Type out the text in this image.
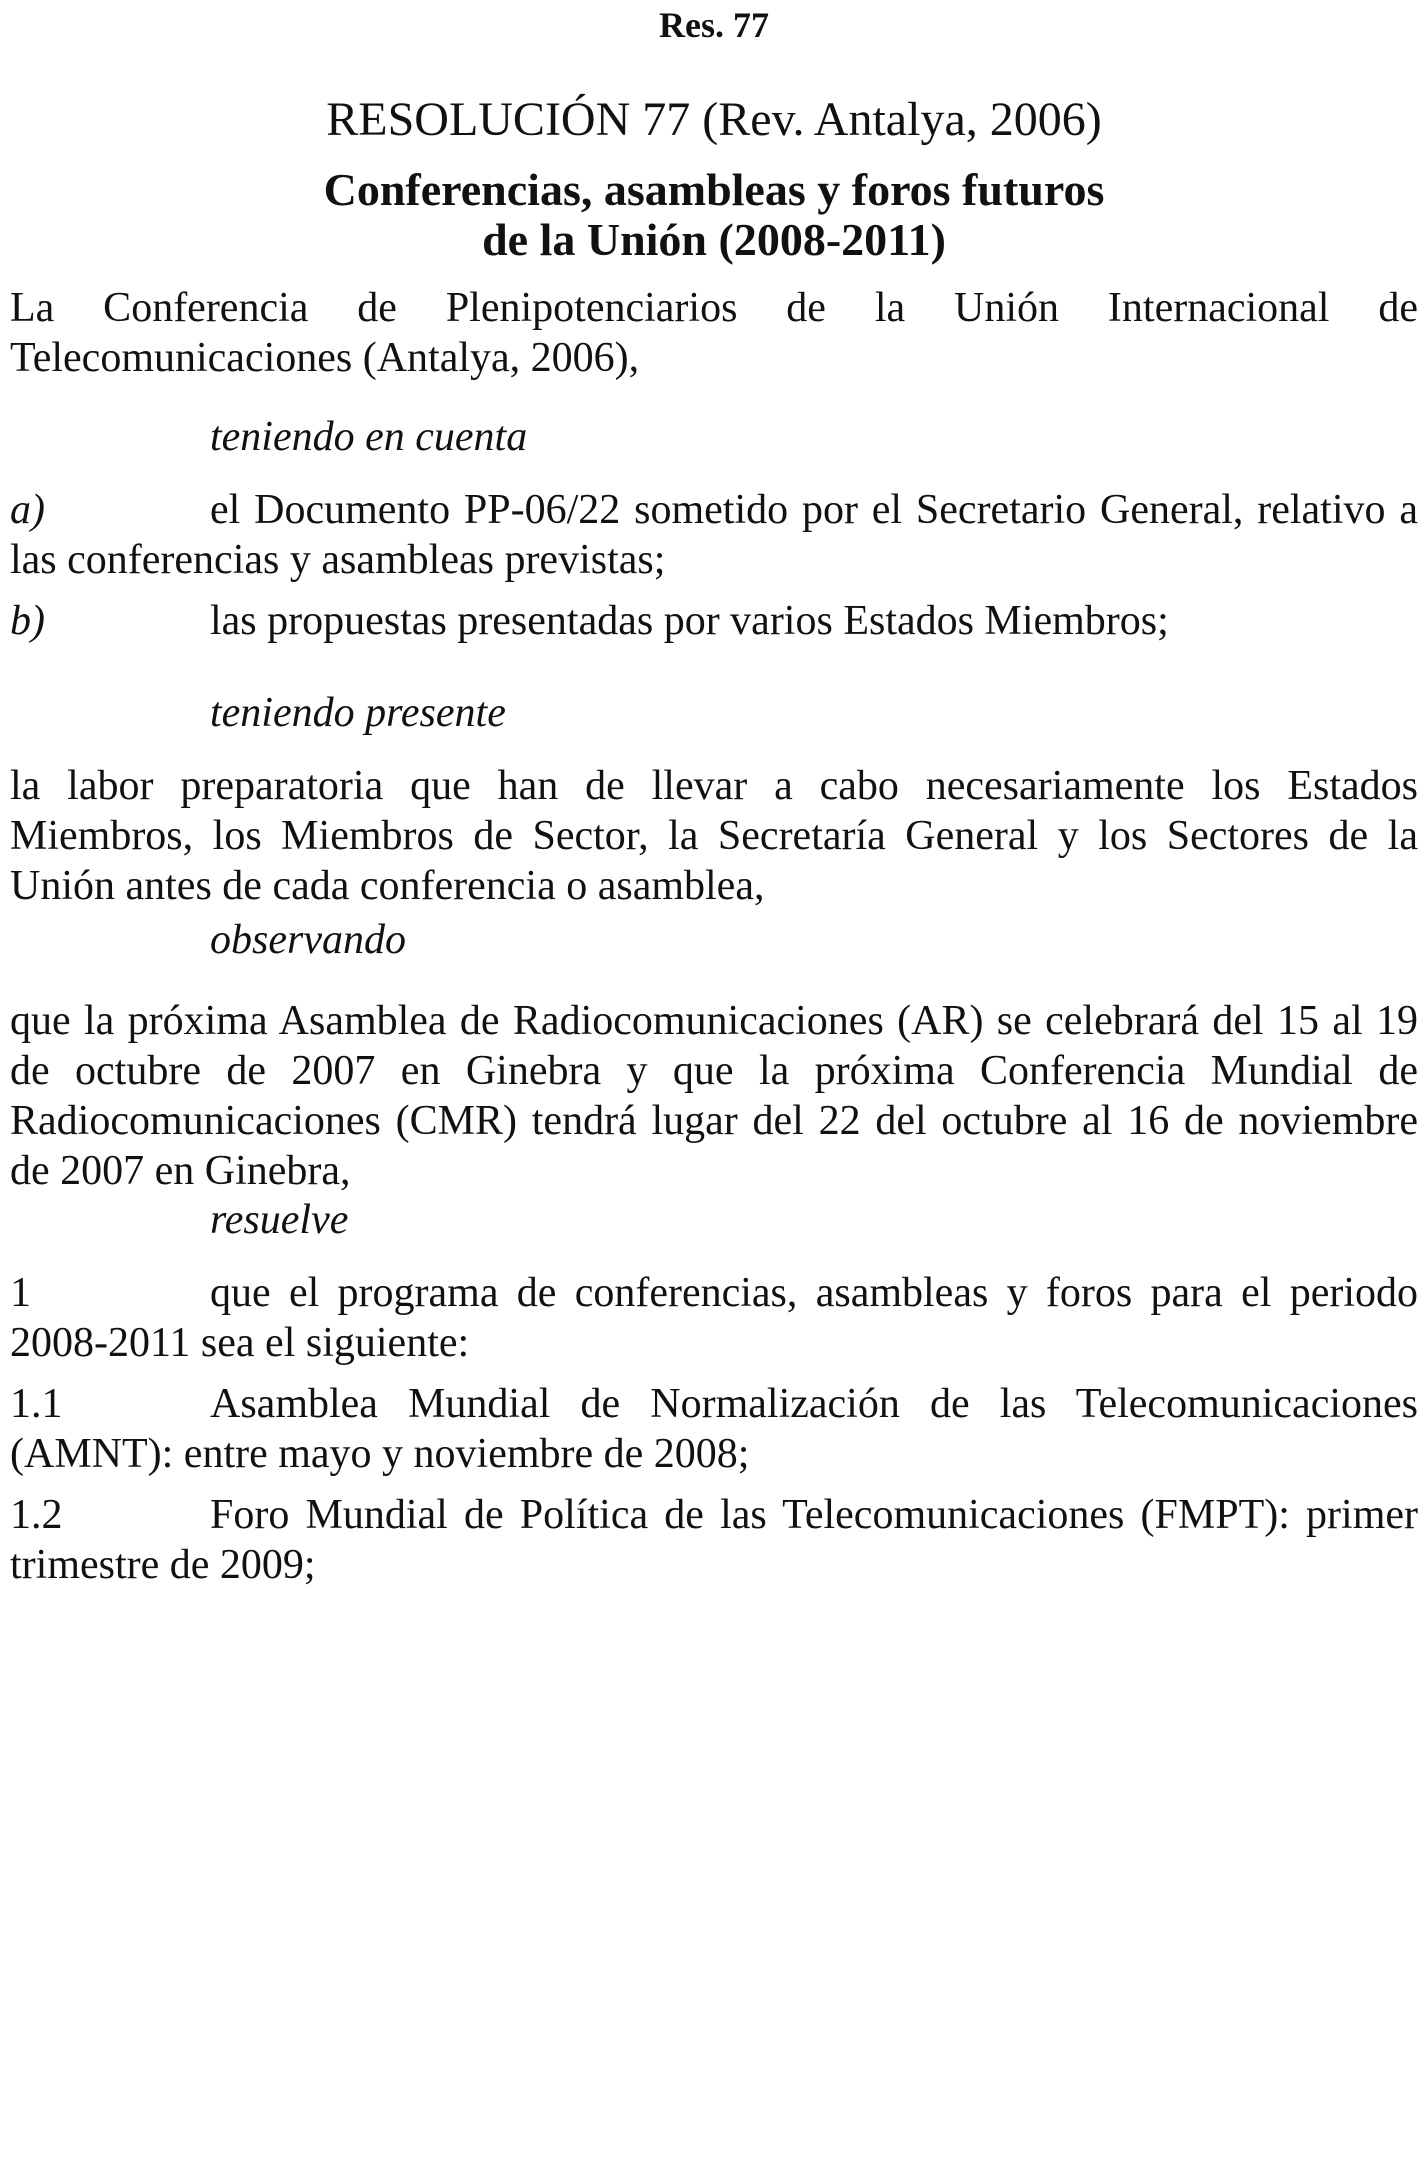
Res. 77
RESOLUCIÓN 77 (Rev. Antalya, 2006)
Conferencias, asambleas y foros futuros
de la Unión (2008-2011)

La Conferencia de Plenipotenciarios de la Unión Internacional de Telecomunicaciones (Antalya, 2006),

teniendo en cuenta

a)	el Documento PP-06/22 sometido por el Secretario General, relativo a las conferencias y asambleas previstas;

b)	las propuestas presentadas por varios Estados Miembros;

teniendo presente

la labor preparatoria que han de llevar a cabo necesariamente los Estados Miembros, los Miembros de Sector, la Secretaría General y los Sectores de la Unión antes de cada conferencia o asamblea,

observando

que la próxima Asamblea de Radiocomunicaciones (AR) se celebrará del 15 al 19 de octubre de 2007 en Ginebra y que la próxima Conferencia Mundial de Radiocomunicaciones (CMR) tendrá lugar del 22 del octubre al 16 de noviembre de 2007 en Ginebra,

resuelve

1	que el programa de conferencias, asambleas y foros para el periodo 2008-2011 sea el siguiente:

1.1	Asamblea Mundial de Normalización de las Telecomunicaciones (AMNT): entre mayo y noviembre de 2008;

1.2	Foro Mundial de Política de las Telecomunicaciones (FMPT): primer trimestre de 2009;
